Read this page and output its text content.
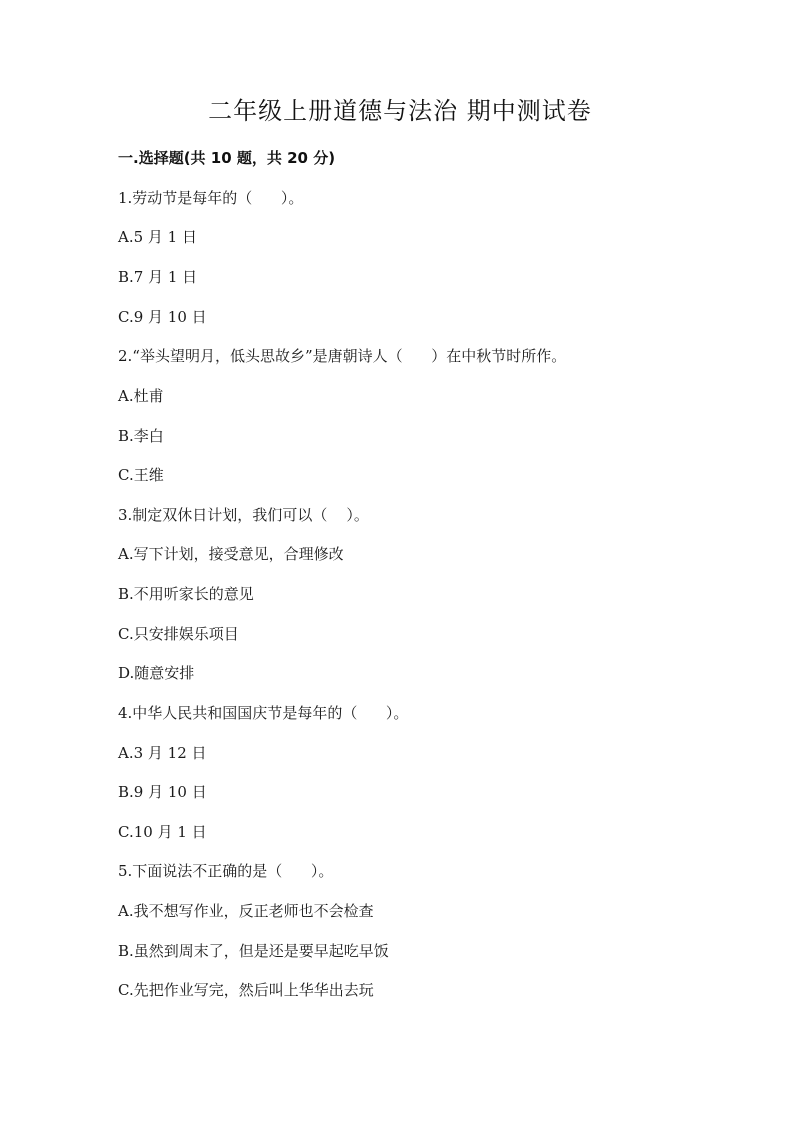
二年级上册道德与法治 期中测试卷
一.选择题(共 10 题，共 20 分)
1.劳动节是每年的（      ）。
A.5 月 1 日
B.7 月 1 日
C.9 月 10 日
2.“举头望明月，低头思故乡”是唐朝诗人（      ）在中秋节时所作。
A.杜甫
B.李白
C.王维
3.制定双休日计划，我们可以（    ）。
A.写下计划，接受意见，合理修改
B.不用听家长的意见
C.只安排娱乐项目
D.随意安排
4.中华人民共和国国庆节是每年的（      ）。
A.3 月 12 日
B.9 月 10 日
C.10 月 1 日
5.下面说法不正确的是（      ）。
A.我不想写作业，反正老师也不会检查
B.虽然到周末了，但是还是要早起吃早饭
C.先把作业写完，然后叫上华华出去玩
